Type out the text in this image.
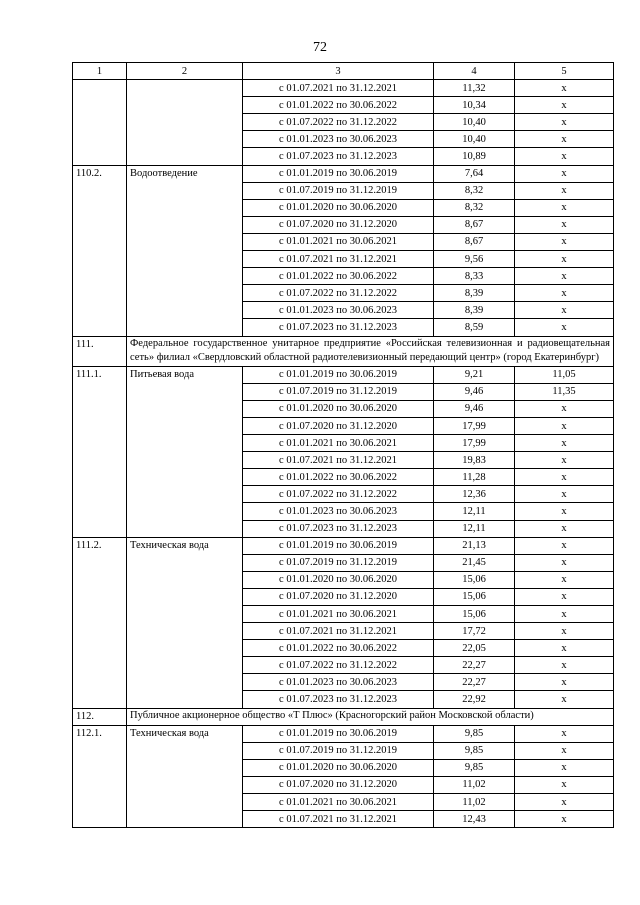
72
1	2	3	4	5
		с 01.07.2021 по 31.12.2021	11,32	x
		с 01.01.2022 по 30.06.2022	10,34	x
		с 01.07.2022 по 31.12.2022	10,40	x
		с 01.01.2023 по 30.06.2023	10,40	x
		с 01.07.2023 по 31.12.2023	10,89	x
110.2.	Водоотведение	с 01.01.2019 по 30.06.2019	7,64	x
		с 01.07.2019 по 31.12.2019	8,32	x
		с 01.01.2020 по 30.06.2020	8,32	x
		с 01.07.2020 по 31.12.2020	8,67	x
		с 01.01.2021 по 30.06.2021	8,67	x
		с 01.07.2021 по 31.12.2021	9,56	x
		с 01.01.2022 по 30.06.2022	8,33	x
		с 01.07.2022 по 31.12.2022	8,39	x
		с 01.01.2023 по 30.06.2023	8,39	x
		с 01.07.2023 по 31.12.2023	8,59	x
111.	Федеральное государственное унитарное предприятие «Российская телевизионная и радиовещательная сеть» филиал «Свердловский областной радиотелевизионный передающий центр» (город Екатеринбург)			
111.1.	Питьевая вода	с 01.01.2019 по 30.06.2019	9,21	11,05
		с 01.07.2019 по 31.12.2019	9,46	11,35
		с 01.01.2020 по 30.06.2020	9,46	x
		с 01.07.2020 по 31.12.2020	17,99	x
		с 01.01.2021 по 30.06.2021	17,99	x
		с 01.07.2021 по 31.12.2021	19,83	x
		с 01.01.2022 по 30.06.2022	11,28	x
		с 01.07.2022 по 31.12.2022	12,36	x
		с 01.01.2023 по 30.06.2023	12,11	x
		с 01.07.2023 по 31.12.2023	12,11	x
111.2.	Техническая вода	с 01.01.2019 по 30.06.2019	21,13	x
		с 01.07.2019 по 31.12.2019	21,45	x
		с 01.01.2020 по 30.06.2020	15,06	x
		с 01.07.2020 по 31.12.2020	15,06	x
		с 01.01.2021 по 30.06.2021	15,06	x
		с 01.07.2021 по 31.12.2021	17,72	x
		с 01.01.2022 по 30.06.2022	22,05	x
		с 01.07.2022 по 31.12.2022	22,27	x
		с 01.01.2023 по 30.06.2023	22,27	x
		с 01.07.2023 по 31.12.2023	22,92	x
112.	Публичное акционерное общество «Т Плюс» (Красногорский район Московской области)			
112.1.	Техническая вода	с 01.01.2019 по 30.06.2019	9,85	x
		с 01.07.2019 по 31.12.2019	9,85	x
		с 01.01.2020 по 30.06.2020	9,85	x
		с 01.07.2020 по 31.12.2020	11,02	x
		с 01.01.2021 по 30.06.2021	11,02	x
		с 01.07.2021 по 31.12.2021	12,43	x
